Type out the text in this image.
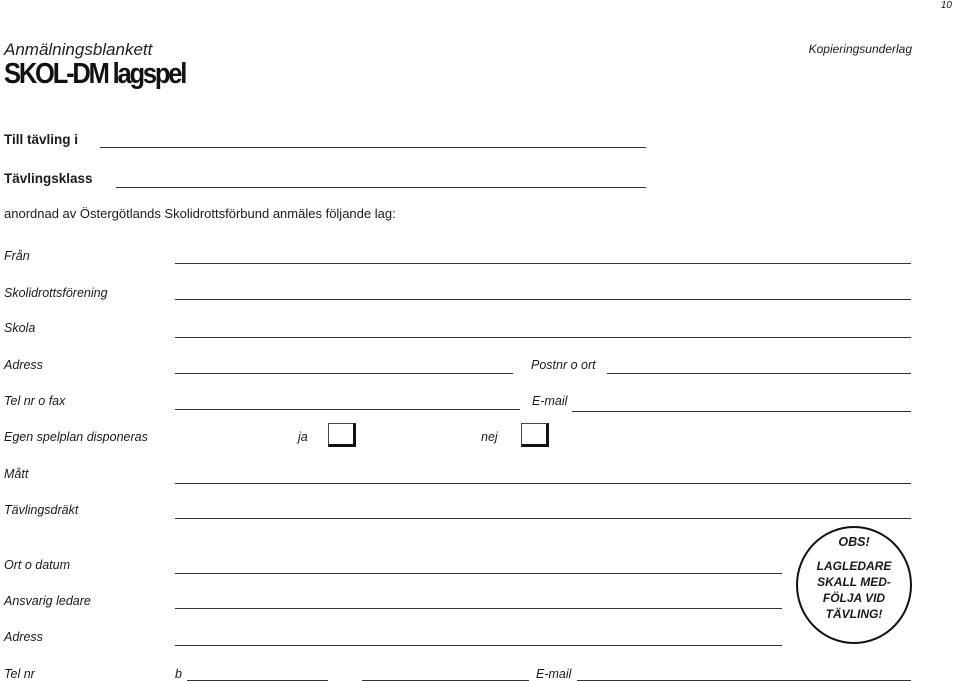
10
Anmälningsblankett
SKOL-DM lagspel
Kopieringsunderlag
Till tävling i
Tävlingsklass
anordnad av Östergötlands Skolidrottsförbund anmäles följande lag:
Från
Skolidrottsförening
Skola
Adress	Postnr o ort
Tel nr o fax	E-mail
Egen spelplan disponeras	ja	nej
Mått
Tävlingsdräkt
Ort o datum
Ansvarig ledare
Adress
Tel nr	b	E-mail
OBS!
LAGLEDARE SKALL MED-FÖLJA VID TÄVLING!
